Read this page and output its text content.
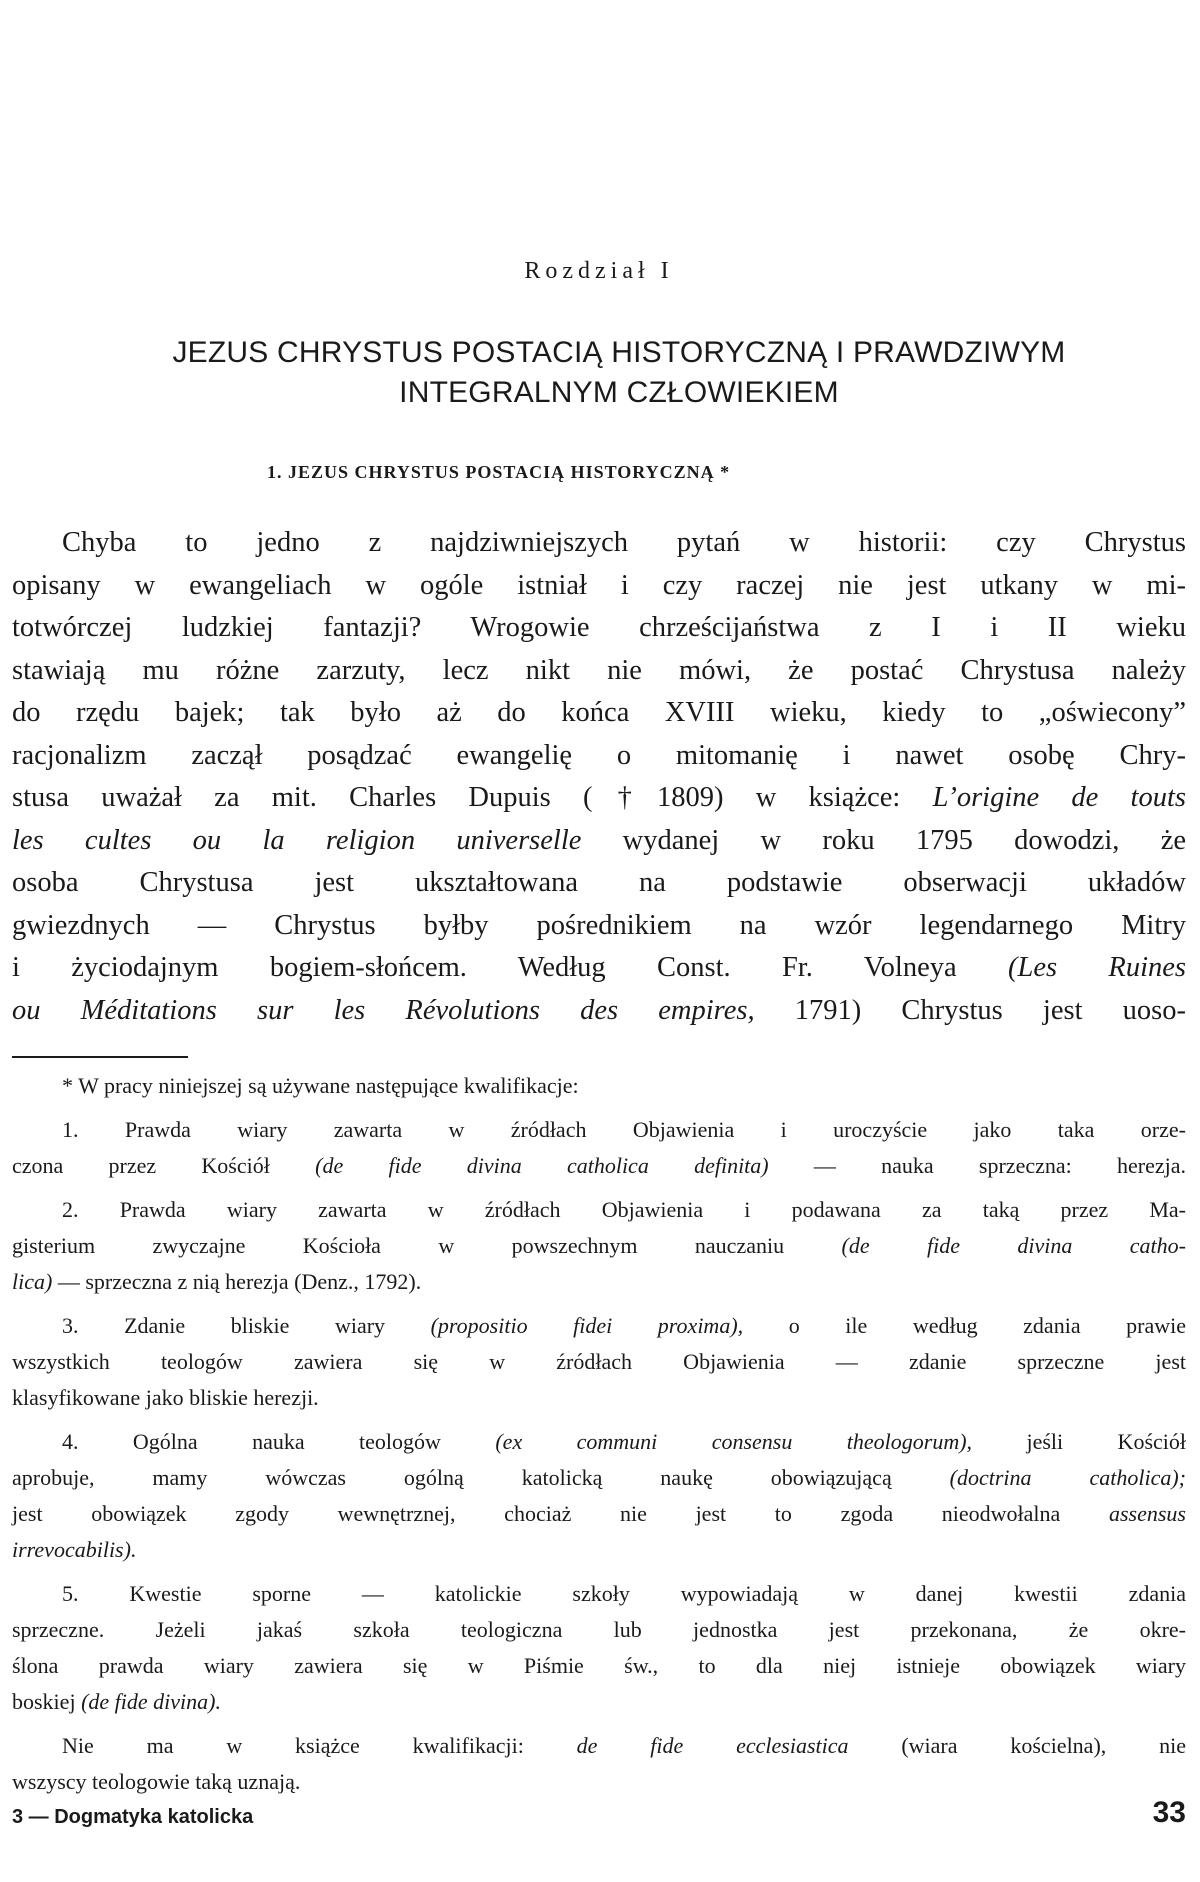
Rozdział I
JEZUS CHRYSTUS POSTACIĄ HISTORYCZNĄ I PRAWDZIWYM
INTEGRALNYM CZŁOWIEKIEM
1. JEZUS CHRYSTUS POSTACIĄ HISTORYCZNĄ *
Chyba to jedno z najdziwniejszych pytań w historii: czy Chrystus
opisany w ewangeliach w ogóle istniał i czy raczej nie jest utkany w mi-
totwórczej ludzkiej fantazji? Wrogowie chrześcijaństwa z I i II wieku
stawiają mu różne zarzuty, lecz nikt nie mówi, że postać Chrystusa należy
do rzędu bajek; tak było aż do końca XVIII wieku, kiedy to „oświecony”
racjonalizm zaczął posądzać ewangelię o mitomanię i nawet osobę Chry-
stusa uważał za mit. Charles Dupuis (†1809) w książce: L’origine de touts
les cultes ou la religion universelle wydanej w roku 1795 dowodzi, że
osoba Chrystusa jest ukształtowana na podstawie obserwacji układów
gwiezdnych — Chrystus byłby pośrednikiem na wzór legendarnego Mitry
i życiodajnym bogiem-słońcem. Według Const. Fr. Volneya (Les Ruines
ou Méditations sur les Révolutions des empires, 1791) Chrystus jest uoso-
* W pracy niniejszej są używane następujące kwalifikacje:
1. Prawda wiary zawarta w źródłach Objawienia i uroczyście jako taka orze-
czona przez Kościół (de fide divina catholica definita) — nauka sprzeczna: herezja.
2. Prawda wiary zawarta w źródłach Objawienia i podawana za taką przez Ma-
gisterium zwyczajne Kościoła w powszechnym nauczaniu (de fide divina catho-
lica) — sprzeczna z nią herezja (Denz., 1792).
3. Zdanie bliskie wiary (propositio fidei proxima), o ile według zdania prawie
wszystkich teologów zawiera się w źródłach Objawienia — zdanie sprzeczne jest
klasyfikowane jako bliskie herezji.
4. Ogólna nauka teologów (ex communi consensu theologorum), jeśli Kościół
aprobuje, mamy wówczas ogólną katolicką naukę obowiązującą (doctrina catholica);
jest obowiązek zgody wewnętrznej, chociaż nie jest to zgoda nieodwołalna assensus
irrevocabilis).
5. Kwestie sporne — katolickie szkoły wypowiadają w danej kwestii zdania
sprzeczne. Jeżeli jakaś szkoła teologiczna lub jednostka jest przekonana, że okre-
ślona prawda wiary zawiera się w Piśmie św., to dla niej istnieje obowiązek wiary
boskiej (de fide divina).
Nie ma w książce kwalifikacji: de fide ecclesiastica (wiara kościelna), nie
wszyscy teologowie taką uznają.
3 — Dogmatyka katolicka	33
